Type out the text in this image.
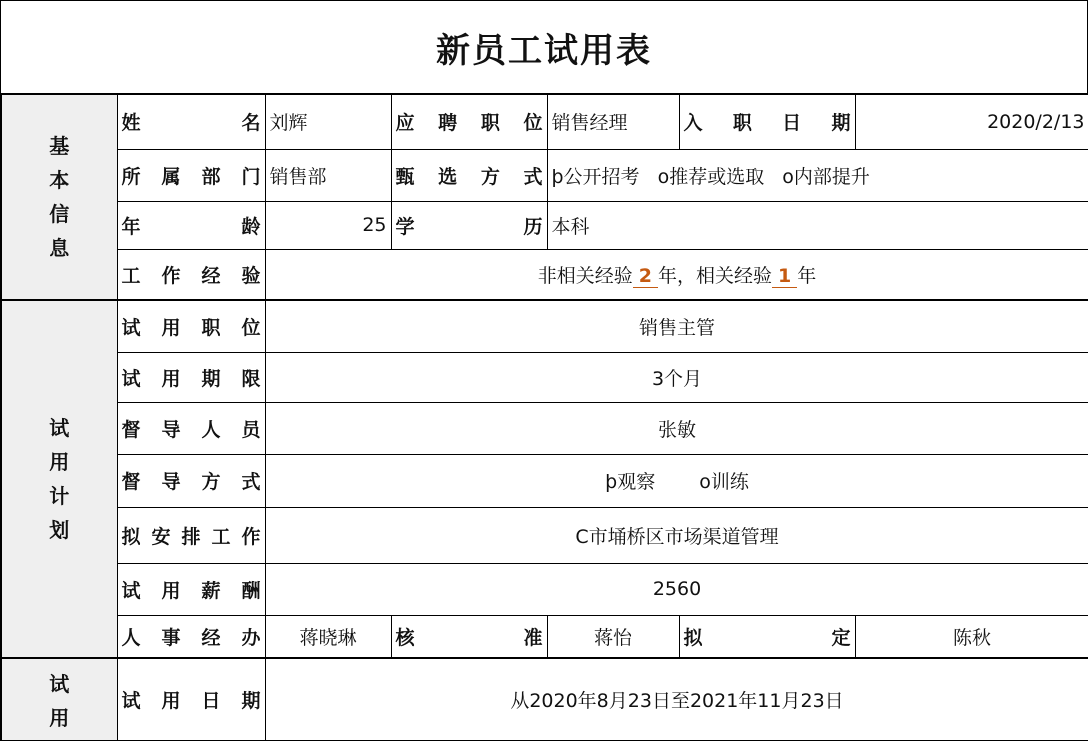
新员工试用表
基本信息	姓名	刘辉	应聘职位	销售经理	入职日期	2020/2/13

	所属部门	销售部	甄选方式	þ公开招考 o推荐或选取 o内部提升		

	年龄	25	学历	本科		

	工作经验	非相关经验 2 年，相关经验 1 年				
试用计划	试用职位	销售主管				

	试用期限	3个月				

	督导人员	张敏				

	督导方式	þ观察 o训练				

	拟安排工作	C市埇桥区市场渠道管理				

	试用薪酬	2560				

	人事经办	蒋晓琳	核准	蒋怡	拟定	陈秋
试用	试用日期	从2020年8月23日至2021年11月23日				
